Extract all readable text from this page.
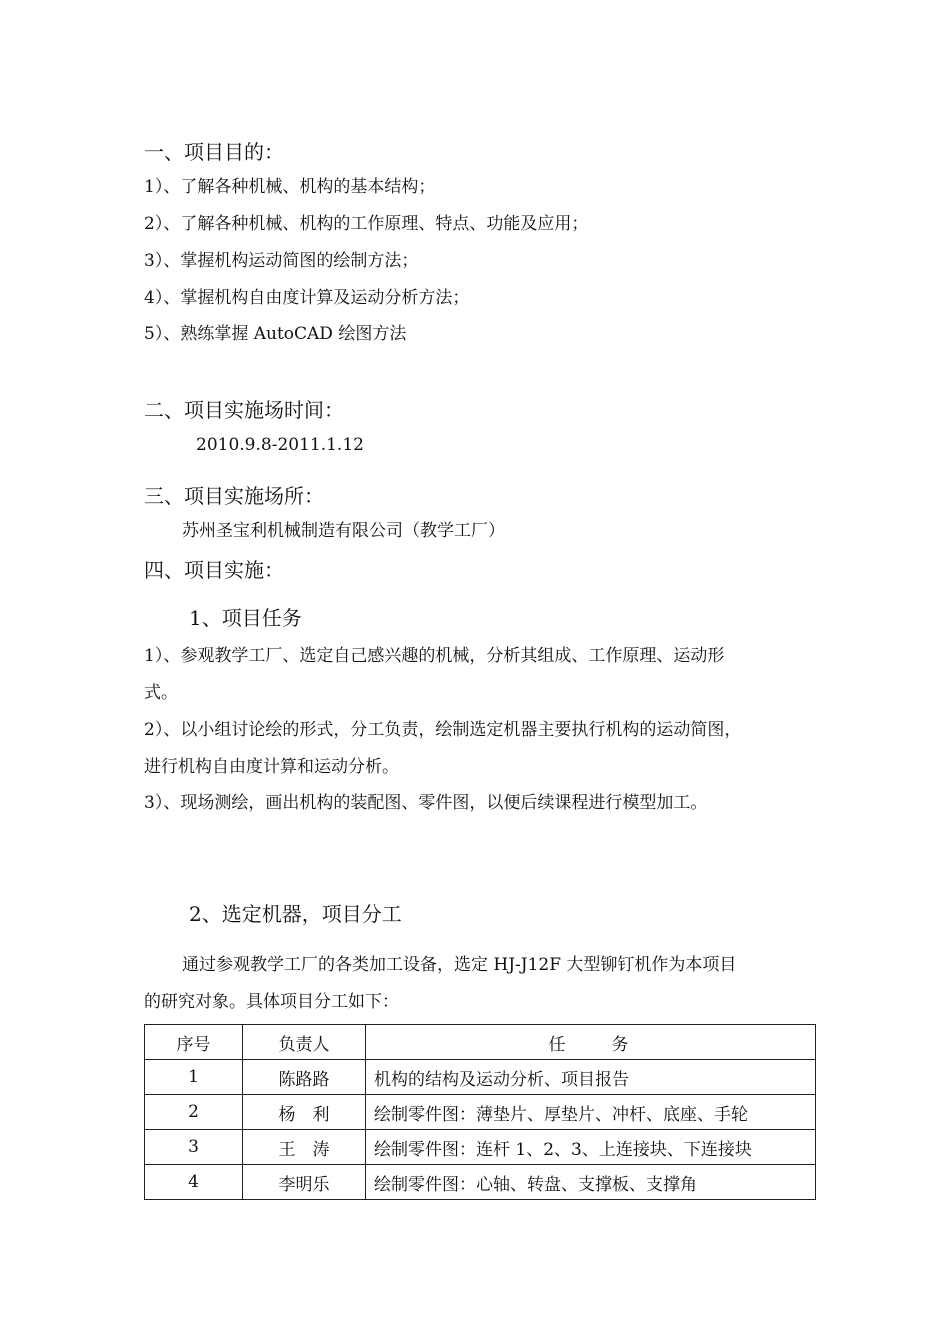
一、项目目的：
1）、了解各种机械、机构的基本结构；
2）、了解各种机械、机构的工作原理、特点、功能及应用；
3）、掌握机构运动简图的绘制方法；
4）、掌握机构自由度计算及运动分析方法；
5）、熟练掌握 AutoCAD 绘图方法
二、项目实施场时间：
2010.9.8-2011.1.12
三、项目实施场所：
苏州圣宝利机械制造有限公司（教学工厂）
四、项目实施：
1、项目任务
1）、参观教学工厂、选定自己感兴趣的机械，分析其组成、工作原理、运动形
式。
2）、以小组讨论绘的形式，分工负责，绘制选定机器主要执行机构的运动简图，
进行机构自由度计算和运动分析。
3）、现场测绘，画出机构的装配图、零件图，以便后续课程进行模型加工。
2、选定机器，项目分工
通过参观教学工厂的各类加工设备，选定 HJ-J12F 大型铆钉机作为本项目
的研究对象。具体项目分工如下：
序号	负责人	任　　务
1	陈路路	机构的结构及运动分析、项目报告
2	杨　利	绘制零件图：薄垫片、厚垫片、冲杆、底座、手轮
3	王　涛	绘制零件图：连杆 1、2、3、上连接块、下连接块
4	李明乐	绘制零件图：心轴、转盘、支撑板、支撑角
